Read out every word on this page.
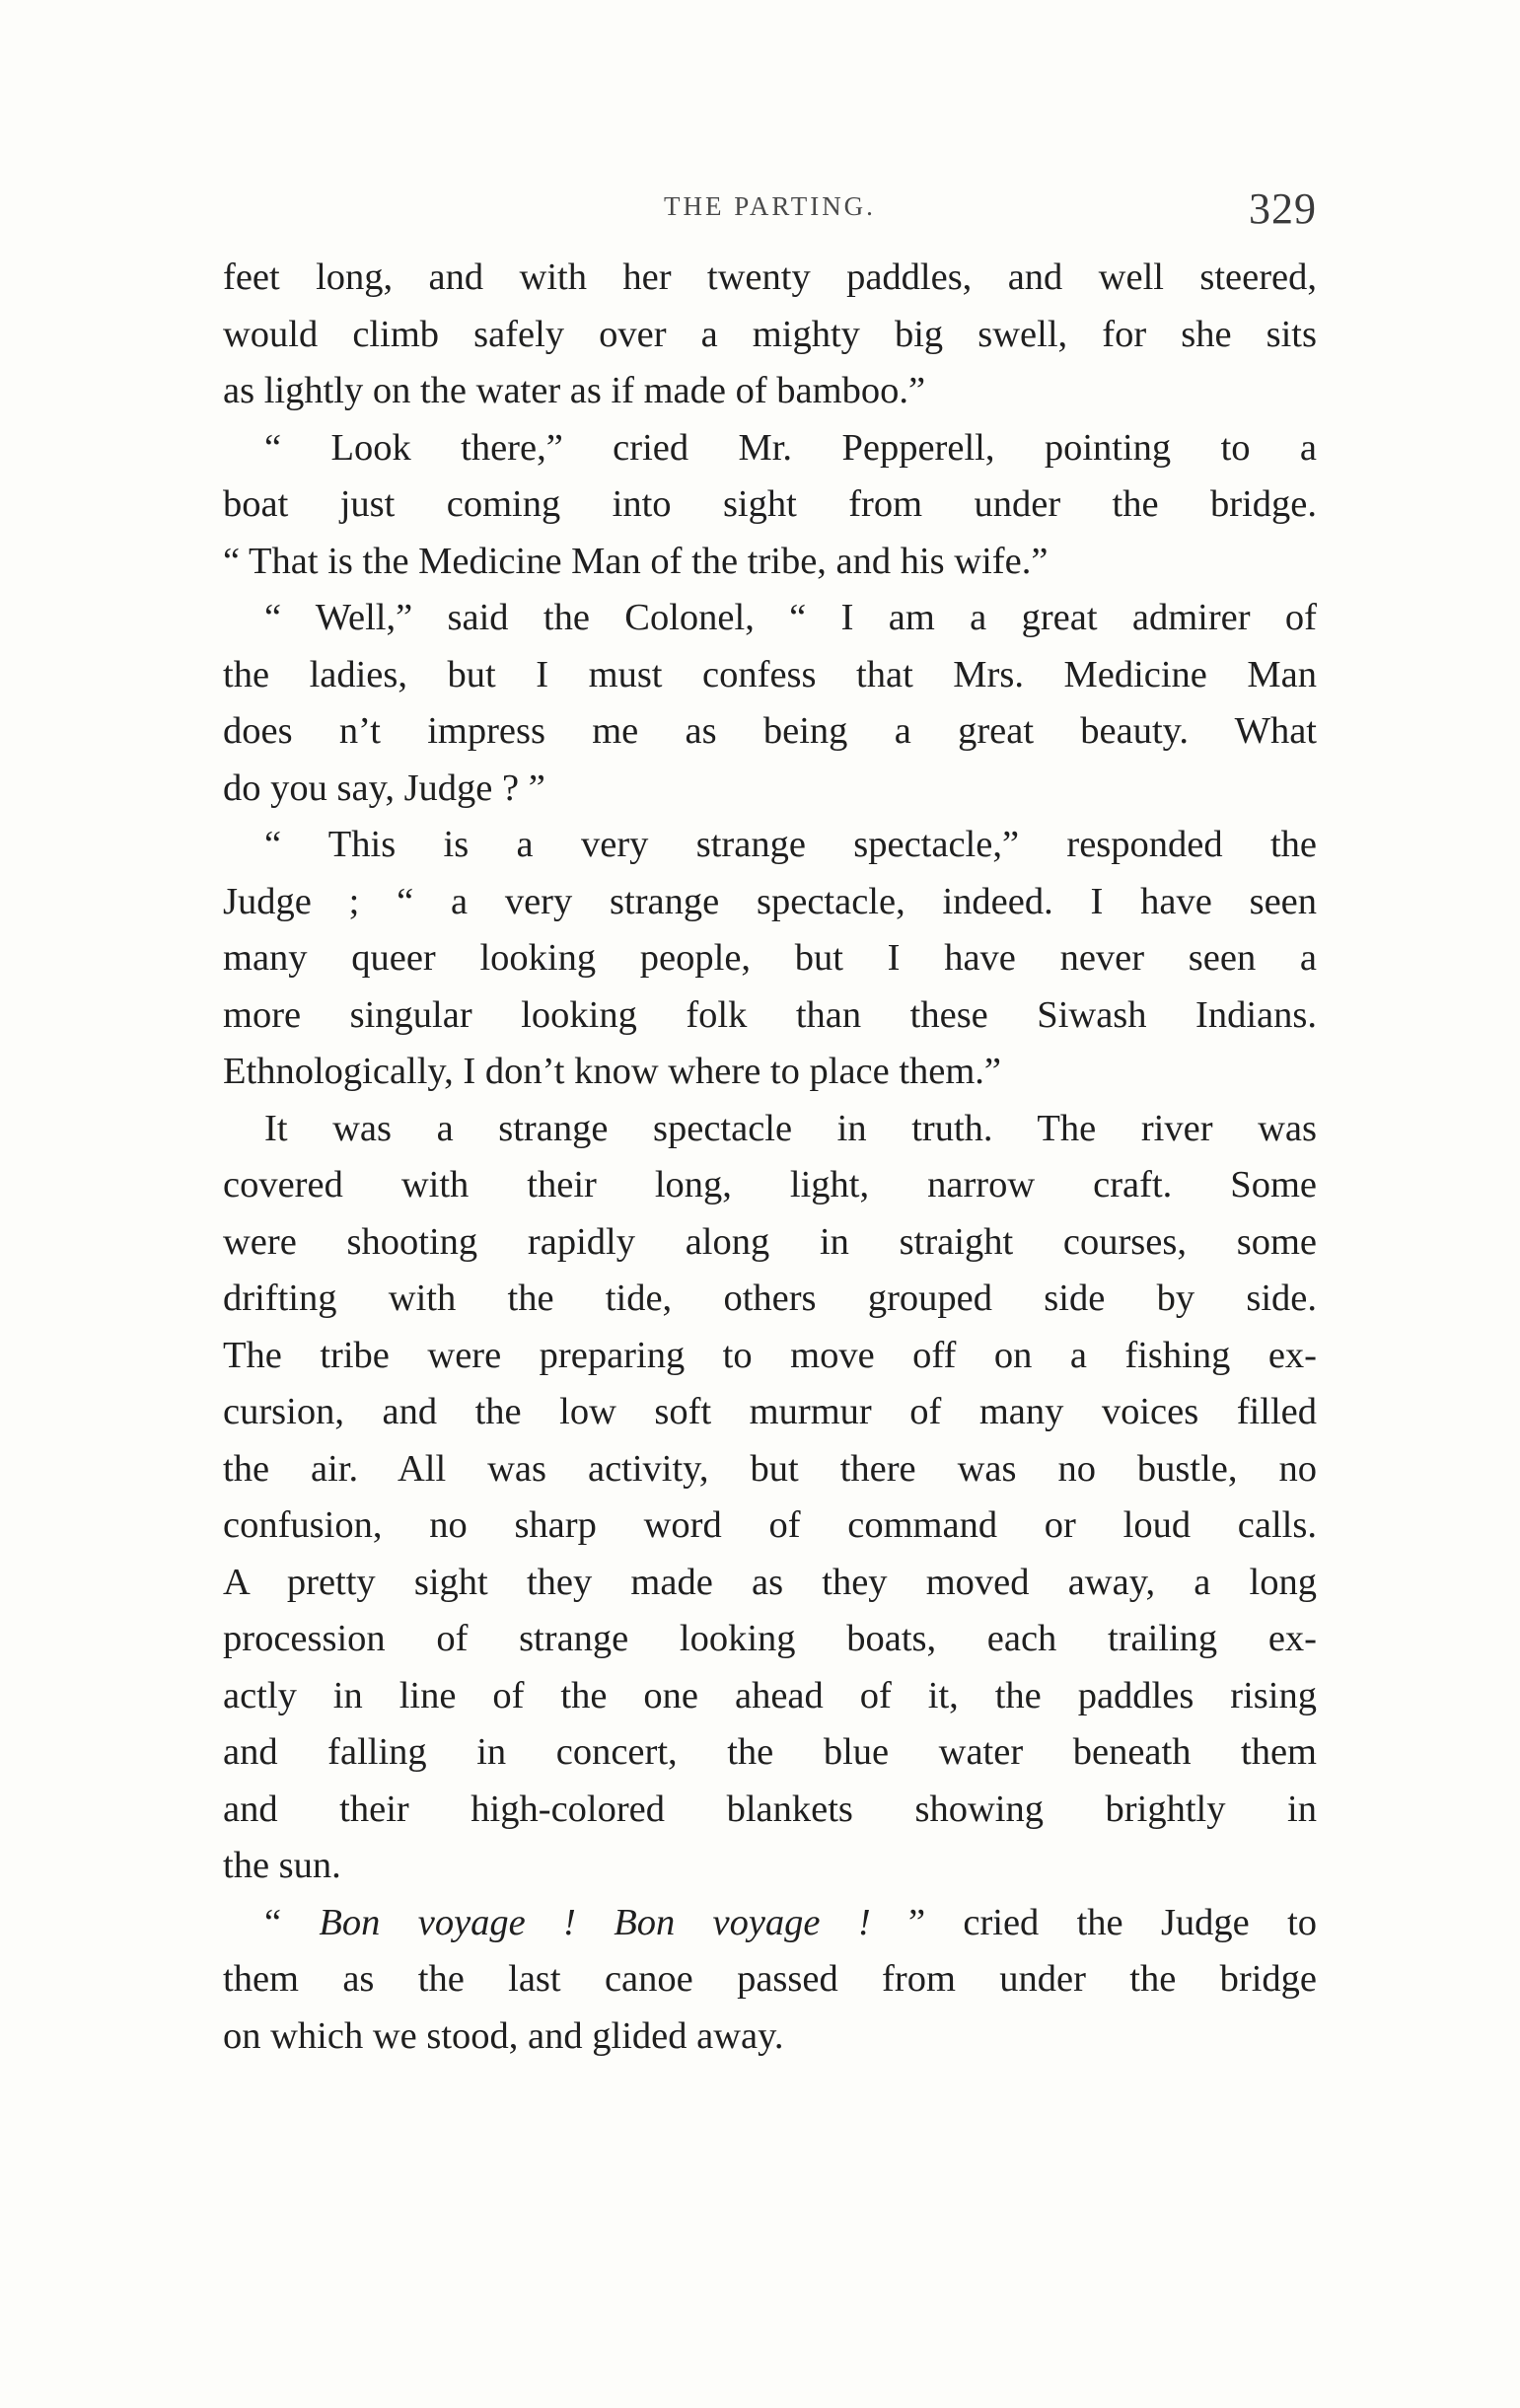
THE PARTING.	329
feet long, and with her twenty paddles, and well steered,
would climb safely over a mighty big swell, for she sits
as lightly on the water as if made of bamboo.”
“ Look there,” cried Mr. Pepperell, pointing to a
boat just coming into sight from under the bridge.
“ That is the Medicine Man of the tribe, and his wife.”
“ Well,” said the Colonel, “ I am a great admirer of
the ladies, but I must confess that Mrs. Medicine Man
does n’t impress me as being a great beauty. What
do you say, Judge ? ”
“ This is a very strange spectacle,” responded the
Judge ; “ a very strange spectacle, indeed. I have seen
many queer looking people, but I have never seen a
more singular looking folk than these Siwash Indians.
Ethnologically, I don’t know where to place them.”
It was a strange spectacle in truth. The river was
covered with their long, light, narrow craft. Some
were shooting rapidly along in straight courses, some
drifting with the tide, others grouped side by side.
The tribe were preparing to move off on a fishing ex-
cursion, and the low soft murmur of many voices filled
the air. All was activity, but there was no bustle, no
confusion, no sharp word of command or loud calls.
A pretty sight they made as they moved away, a long
procession of strange looking boats, each trailing ex-
actly in line of the one ahead of it, the paddles rising
and falling in concert, the blue water beneath them
and their high-colored blankets showing brightly in
the sun.
“ Bon voyage ! Bon voyage ! ” cried the Judge to
them as the last canoe passed from under the bridge
on which we stood, and glided away.
